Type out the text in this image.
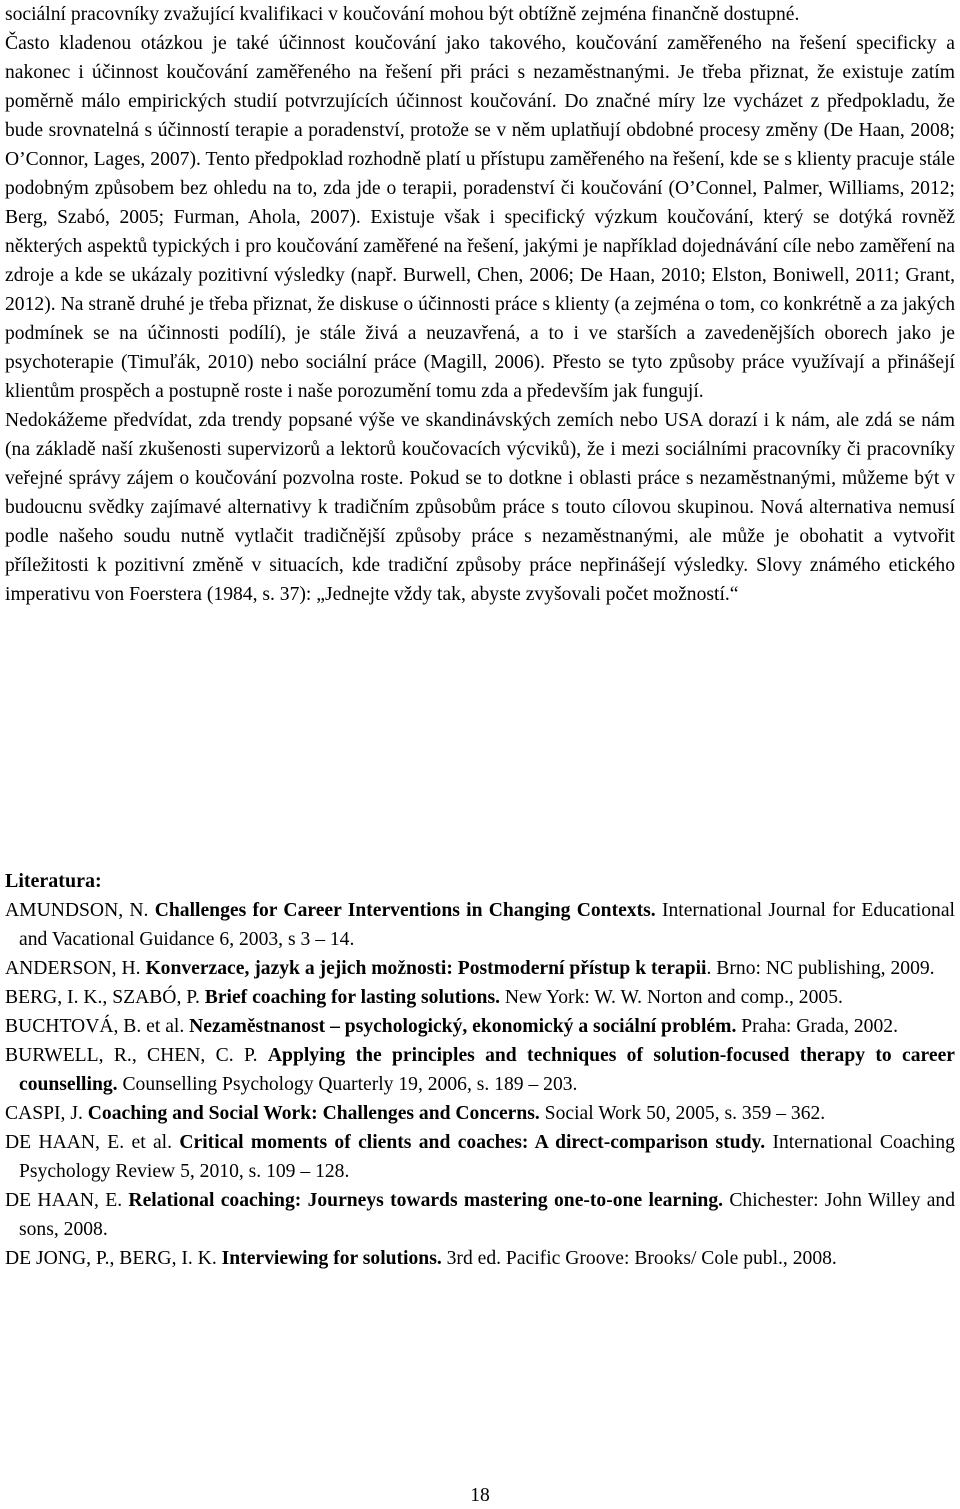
sociální pracovníky zvažující kvalifikaci v koučování mohou být obtížně zejména finančně dostupné.

Často kladenou otázkou je také účinnost koučování jako takového, koučování zaměřeného na řešení specificky a nakonec i účinnost koučování zaměřeného na řešení při práci s nezaměstnanými. Je třeba přiznat, že existuje zatím poměrně málo empirických studií potvrzujících účinnost koučování. Do značné míry lze vycházet z předpokladu, že bude srovnatelná s účinností terapie a poradenství, protože se v něm uplatňují obdobné procesy změny (De Haan, 2008; O’Connor, Lages, 2007). Tento předpoklad rozhodně platí u přístupu zaměřeného na řešení, kde se s klienty pracuje stále podobným způsobem bez ohledu na to, zda jde o terapii, poradenství či koučování (O’Connel, Palmer, Williams, 2012; Berg, Szabó, 2005; Furman, Ahola, 2007). Existuje však i specifický výzkum koučování, který se dotýká rovněž některých aspektů typických i pro koučování zaměřené na řešení, jakými je například dojednávání cíle nebo zaměření na zdroje a kde se ukázaly pozitivní výsledky (např. Burwell, Chen, 2006; De Haan, 2010; Elston, Boniwell, 2011; Grant, 2012). Na straně druhé je třeba přiznat, že diskuse o účinnosti práce s klienty (a zejména o tom, co konkrétně a za jakých podmínek se na účinnosti podílí), je stále živá a neuzavřená, a to i ve starších a zavedenějších oborech jako je psychoterapie (Timuľák, 2010) nebo sociální práce (Magill, 2006). Přesto se tyto způsoby práce využívají a přinášejí klientům prospěch a postupně roste i naše porozumění tomu zda a především jak fungují.

Nedokážeme předvídat, zda trendy popsané výše ve skandinávských zemích nebo USA dorazí i k nám, ale zdá se nám (na základě naší zkušenosti supervizorů a lektorů koučovacích výcviků), že i mezi sociálními pracovníky či pracovníky veřejné správy zájem o koučování pozvolna roste. Pokud se to dotkne i oblasti práce s nezaměstnanými, můžeme být v budoucnu svědky zajímavé alternativy k tradičním způsobům práce s touto cílovou skupinou. Nová alternativa nemusí podle našeho soudu nutně vytlačit tradičnější způsoby práce s nezaměstnanými, ale může je obohatit a vytvořit příležitosti k pozitivní změně v situacích, kde tradiční způsoby práce nepřinášejí výsledky. Slovy známého etického imperativu von Foerstera (1984, s. 37): „Jednejte vždy tak, abyste zvyšovali počet možností.“

Literatura:

AMUNDSON, N. Challenges for Career Interventions in Changing Contexts. International Journal for Educational and Vacational Guidance 6, 2003, s 3 – 14.

ANDERSON, H. Konverzace, jazyk a jejich možnosti: Postmoderní přístup k terapii. Brno: NC publishing, 2009.

BERG, I. K., SZABÓ, P. Brief coaching for lasting solutions. New York: W. W. Norton and comp., 2005.

BUCHTOVÁ, B. et al. Nezaměstnanost – psychologický, ekonomický a sociální problém. Praha: Grada, 2002.

BURWELL, R., CHEN, C. P. Applying the principles and techniques of solution-focused therapy to career counselling. Counselling Psychology Quarterly 19, 2006, s. 189 – 203.

CASPI, J. Coaching and Social Work: Challenges and Concerns. Social Work 50, 2005, s. 359 – 362.

DE HAAN, E. et al. Critical moments of clients and coaches: A direct-comparison study. International Coaching Psychology Review 5, 2010, s. 109 – 128.

DE HAAN, E. Relational coaching: Journeys towards mastering one-to-one learning. Chichester: John Willey and sons, 2008.

DE JONG, P., BERG, I. K. Interviewing for solutions. 3rd ed. Pacific Groove: Brooks/ Cole publ., 2008.

18
